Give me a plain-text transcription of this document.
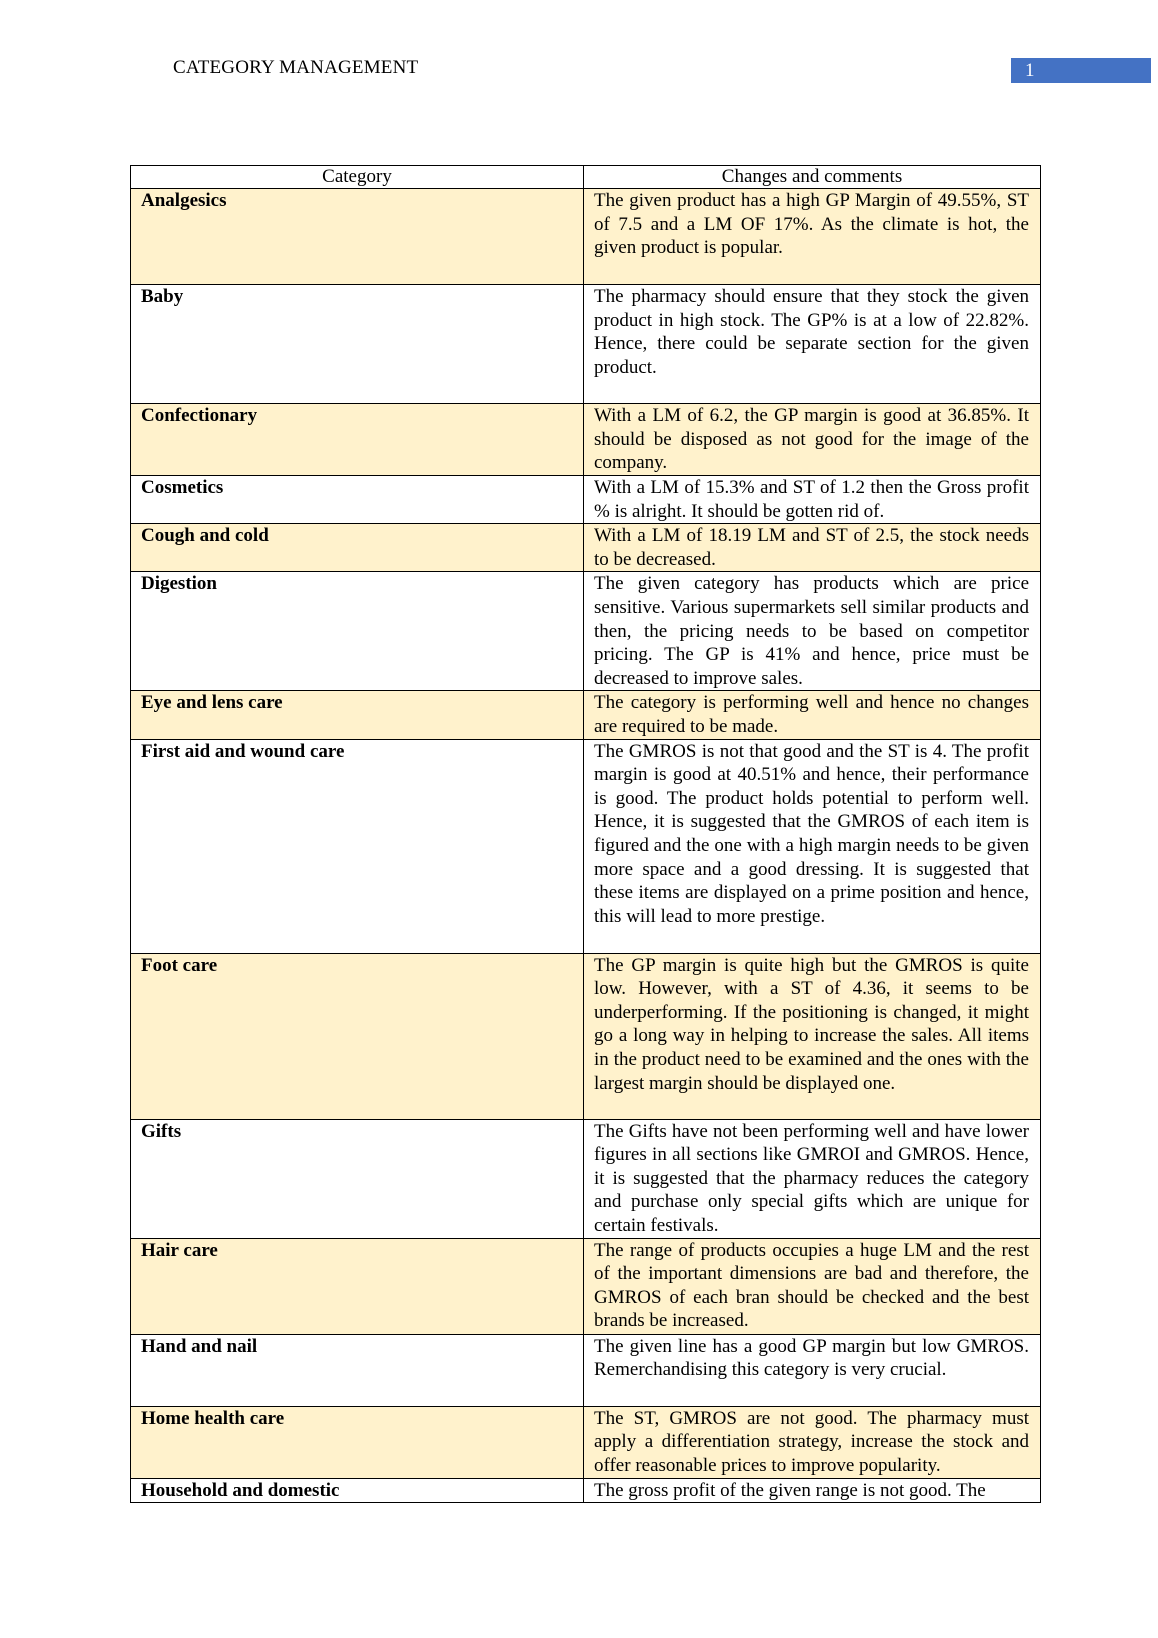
CATEGORY MANAGEMENT	1
Category	Changes and comments
Analgesics	The given product has a high GP Margin of 49.55%, ST of 7.5 and a LM OF 17%. As the climate is hot, the given product is popular.
Baby	The pharmacy should ensure that they stock the given product in high stock. The GP% is at a low of 22.82%. Hence, there could be separate section for the given product.
Confectionary	With a LM of 6.2, the GP margin is good at 36.85%. It should be disposed as not good for the image of the company.
Cosmetics	With a LM of 15.3% and ST of 1.2 then the Gross profit % is alright. It should be gotten rid of.
Cough and cold	With a LM of 18.19 LM and ST of 2.5, the stock needs to be decreased.
Digestion	The given category has products which are price sensitive. Various supermarkets sell similar products and then, the pricing needs to be based on competitor pricing. The GP is 41% and hence, price must be decreased to improve sales.
Eye and lens care	The category is performing well and hence no changes are required to be made.
First aid and wound care	The GMROS is not that good and the ST is 4. The profit margin is good at 40.51% and hence, their performance is good. The product holds potential to perform well. Hence, it is suggested that the GMROS of each item is figured and the one with a high margin needs to be given more space and a good dressing. It is suggested that these items are displayed on a prime position and hence, this will lead to more prestige.
Foot care	The GP margin is quite high but the GMROS is quite low. However, with a ST of 4.36, it seems to be underperforming. If the positioning is changed, it might go a long way in helping to increase the sales. All items in the product need to be examined and the ones with the largest margin should be displayed one.
Gifts	The Gifts have not been performing well and have lower figures in all sections like GMROI and GMROS. Hence, it is suggested that the pharmacy reduces the category and purchase only special gifts which are unique for certain festivals.
Hair care	The range of products occupies a huge LM and the rest of the important dimensions are bad and therefore, the GMROS of each bran should be checked and the best brands be increased.
Hand and nail	The given line has a good GP margin but low GMROS. Remerchandising this category is very crucial.
Home health care	The ST, GMROS are not good. The pharmacy must apply a differentiation strategy, increase the stock and offer reasonable prices to improve popularity.
Household and domestic	The gross profit of the given range is not good. The
